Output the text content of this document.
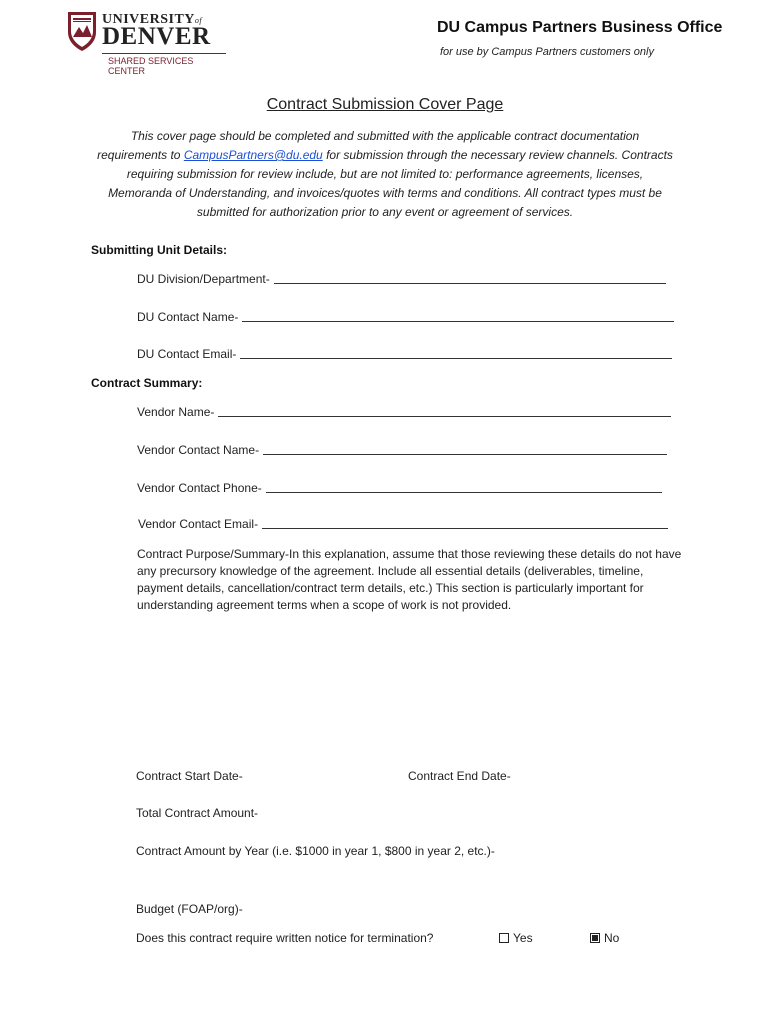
UNIVERSITYof
DENVER
SHARED SERVICES CENTER
DU Campus Partners Business Office
for use by Campus Partners customers only
Contract Submission Cover Page
This cover page should be completed and submitted with the applicable contract documentation requirements to CampusPartners@du.edu for submission through the necessary review channels. Contracts requiring submission for review include, but are not limited to: performance agreements, licenses, Memoranda of Understanding, and invoices/quotes with terms and conditions. All contract types must be submitted for authorization prior to any event or agreement of services.
Submitting Unit Details:
DU Division/Department-
DU Contact Name-
DU Contact Email-
Contract Summary:
Vendor Name-
Vendor Contact Name-
Vendor Contact Phone-
Vendor Contact Email-
Contract Purpose/Summary-In this explanation, assume that those reviewing these details do not have any precursory knowledge of the agreement. Include all essential details (deliverables, timeline, payment details, cancellation/contract term details, etc.) This section is particularly important for understanding agreement terms when a scope of work is not provided.
Contract Start Date-	Contract End Date-
Total Contract Amount-
Contract Amount by Year (i.e. $1000 in year 1, $800 in year 2, etc.)-
Budget (FOAP/org)-
Does this contract require written notice for termination?	Yes	No
